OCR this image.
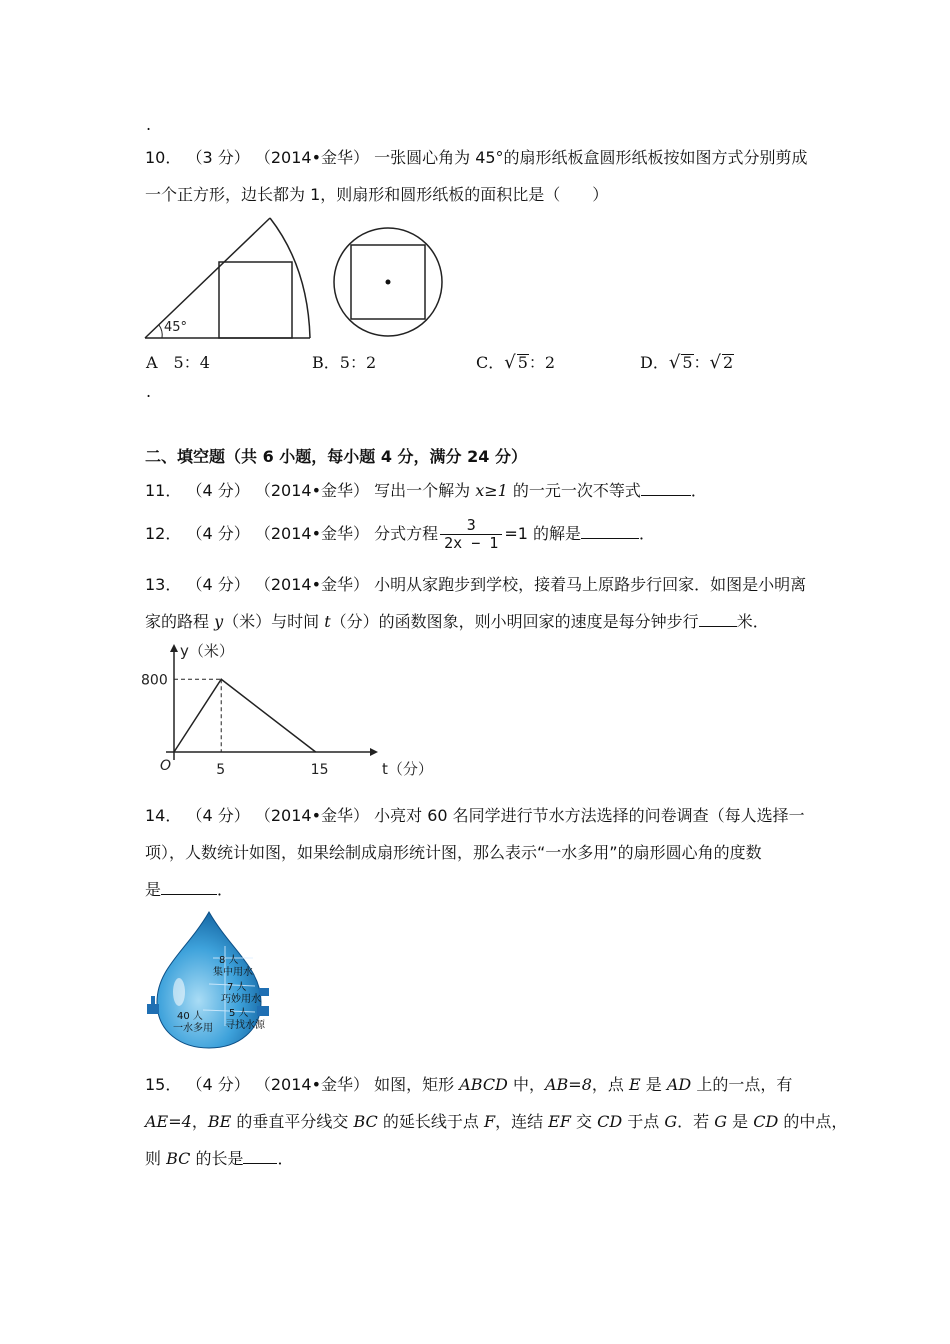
.
10． （3 分） （2014•金华） 一张圆心角为 45°的扇形纸板盒圆形纸板按如图方式分别剪成
一个正方形，边长都为 1，则扇形和圆形纸板的面积比是（　　）
45°
A　5：4	B．5：2	C．√ 5：2	D．√ 5：√ 2
.
二、填空题（共 6 小题，每小题 4 分，满分 24 分）
11． （4 分） （2014•金华） 写出一个解为 x≥1 的一元一次不等式	．
12． （4 分） （2014•金华） 分式方程 $\frac{3}{2x - 1} =1$ 的解是	．
13． （4 分） （2014•金华） 小明从家跑步到学校，接着马上原路步行回家．如图是小明离
家的路程 y（米）与时间 t（分）的函数图象，则小明回家的速度是每分钟步行 米．
y（米）
t（分）
O	5	15
800
14． （4 分） （2014•金华） 小亮对 60 名同学进行节水方法选择的问卷调查（每人选择一
项），人数统计如图，如果绘制成扇形统计图，那么表示“一水多用”的扇形圆心角的度数
是	．
8 人
集中用水
7 人
巧妙用水
40 人
一水多用
5 人
寻找水源
15． （4 分） （2014•金华） 如图，矩形 ABCD 中，AB=8，点 E 是 AD 上的一点，有
AE=4，BE 的垂直平分线交 BC 的延长线于点 F，连结 EF 交 CD 于点 G．若 G 是 CD 的中点，
则 BC 的长是 ．
